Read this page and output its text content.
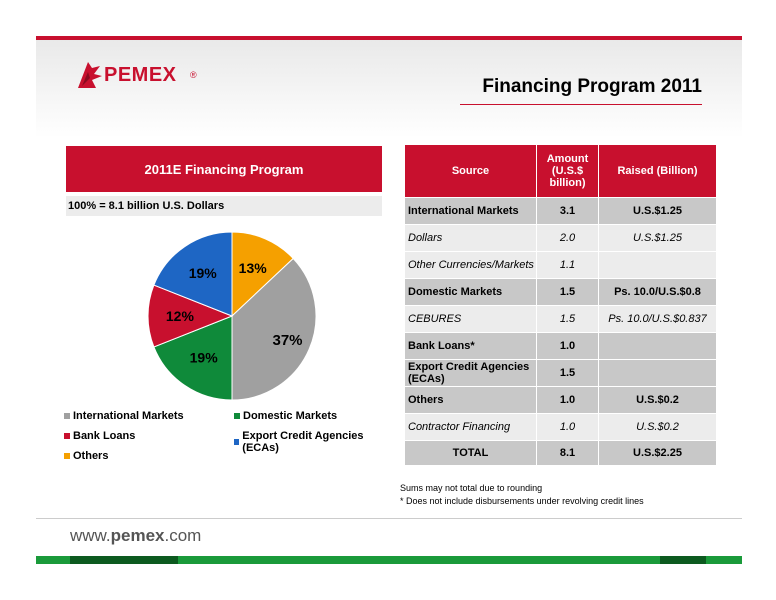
PEMEX ®
Financing Program 2011
2011E Financing Program
100% = 8.1 billion U.S. Dollars
13%
37%
19%
12%
19%
International Markets	Domestic Markets
Bank Loans	Export Credit Agencies (ECAs)
Others
Source	Amount (U.S.$ billion)	Raised (Billion)
International Markets	3.1	U.S.$1.25
Dollars	2.0	U.S.$1.25
Other Currencies/Markets	1.1	
Domestic Markets	1.5	Ps. 10.0/U.S.$0.8
CEBURES	1.5	Ps. 10.0/U.S.$0.837
Bank Loans*	1.0	
Export Credit Agencies (ECAs)	1.5	
Others	1.0	U.S.$0.2
Contractor Financing	1.0	U.S.$0.2
TOTAL	8.1	U.S.$2.25
Sums may not total due to rounding
* Does not include disbursements under revolving credit lines
www.pemex.com
